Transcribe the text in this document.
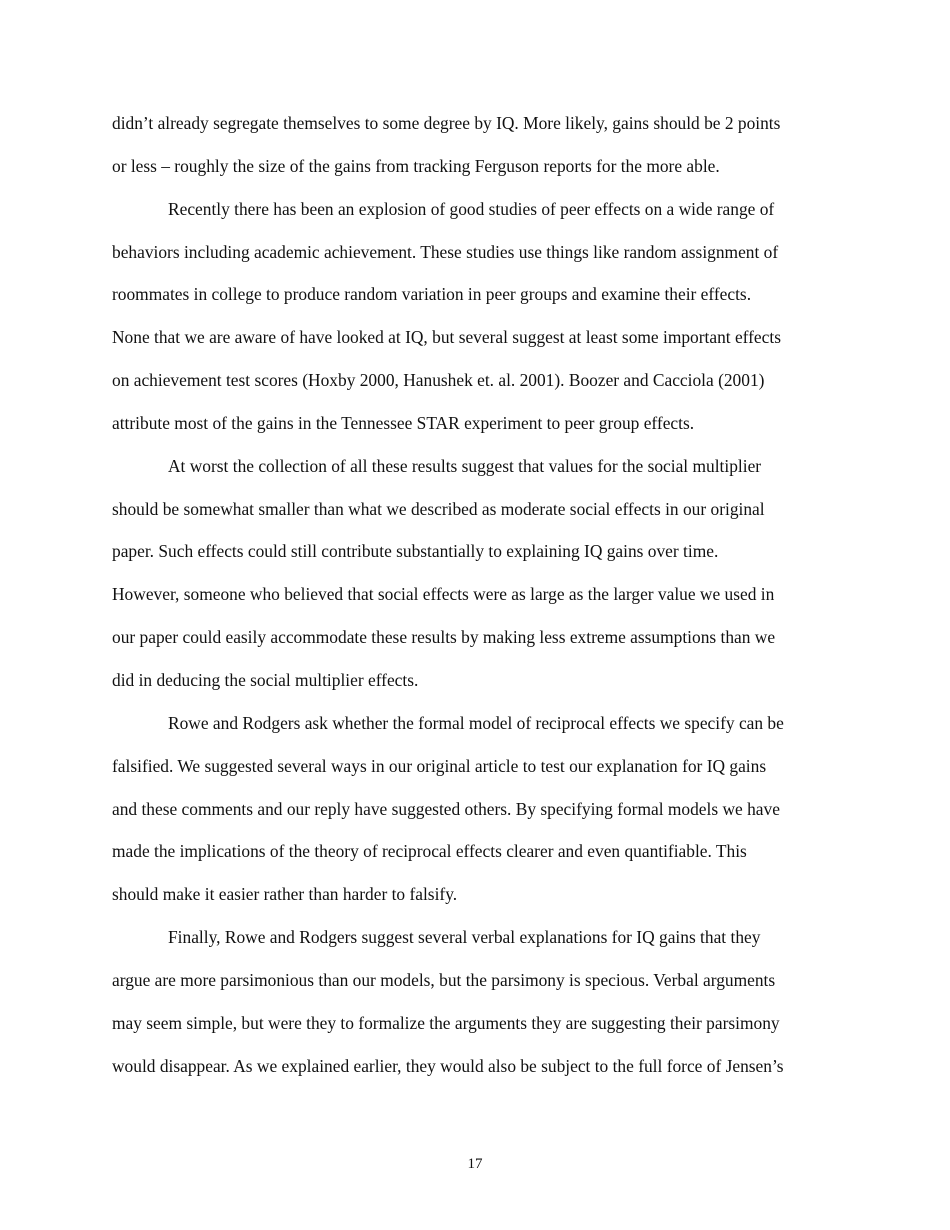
didn’t already segregate themselves to some degree by IQ. More likely, gains should be 2 points
or less – roughly the size of the gains from tracking Ferguson reports for the more able.
Recently there has been an explosion of good studies of peer effects on a wide range of
behaviors including academic achievement. These studies use things like random assignment of
roommates in college to produce random variation in peer groups and examine their effects.
None that we are aware of have looked at IQ, but several suggest at least some important effects
on achievement test scores (Hoxby 2000, Hanushek et. al. 2001). Boozer and Cacciola (2001)
attribute most of the gains in the Tennessee STAR experiment to peer group effects.
At worst the collection of all these results suggest that values for the social multiplier
should be somewhat smaller than what we described as moderate social effects in our original
paper. Such effects could still contribute substantially to explaining IQ gains over time.
However, someone who believed that social effects were as large as the larger value we used in
our paper could easily accommodate these results by making less extreme assumptions than we
did in deducing the social multiplier effects.
Rowe and Rodgers ask whether the formal model of reciprocal effects we specify can be
falsified. We suggested several ways in our original article to test our explanation for IQ gains
and these comments and our reply have suggested others. By specifying formal models we have
made the implications of the theory of reciprocal effects clearer and even quantifiable. This
should make it easier rather than harder to falsify.
Finally, Rowe and Rodgers suggest several verbal explanations for IQ gains that they
argue are more parsimonious than our models, but the parsimony is specious. Verbal arguments
may seem simple, but were they to formalize the arguments they are suggesting their parsimony
would disappear. As we explained earlier, they would also be subject to the full force of Jensen’s
17
